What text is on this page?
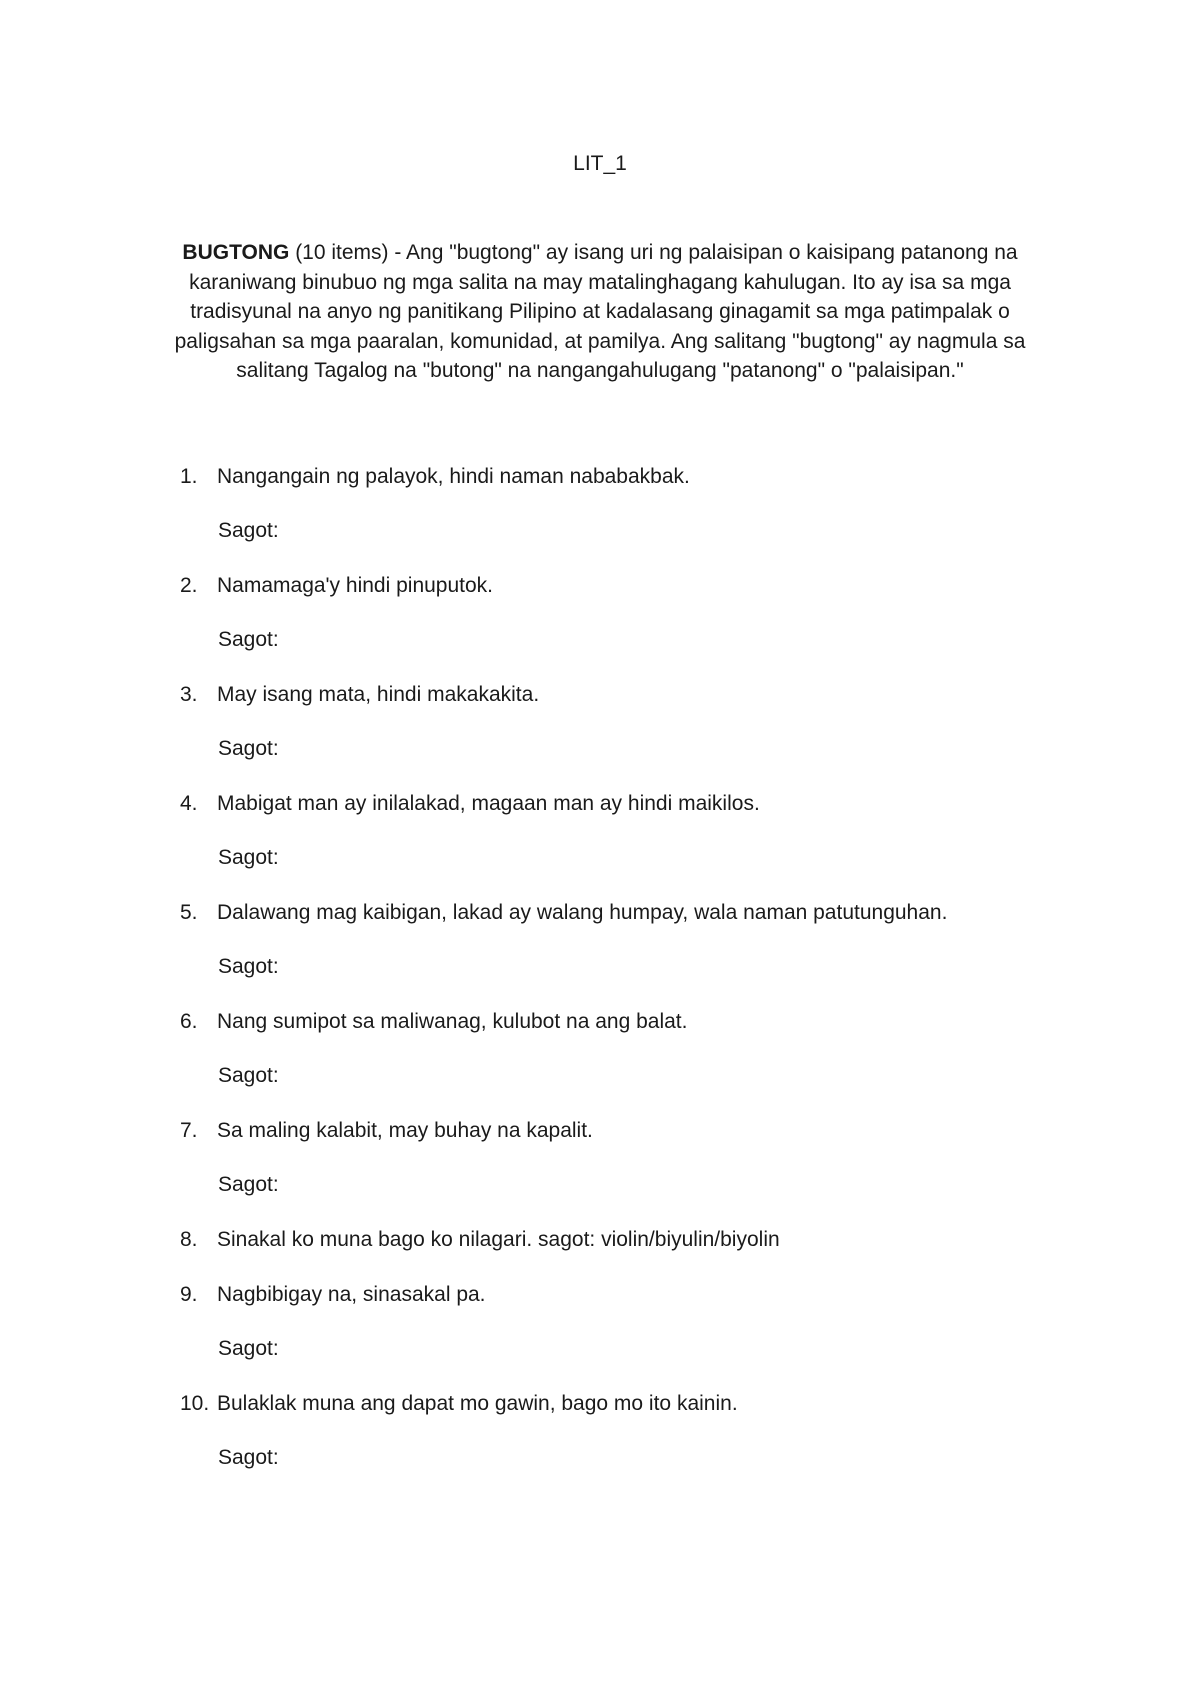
LIT_1
BUGTONG (10 items) - Ang "bugtong" ay isang uri ng palaisipan o kaisipang patanong na karaniwang binubuo ng mga salita na may matalinghagang kahulugan. Ito ay isa sa mga tradisyunal na anyo ng panitikang Pilipino at kadalasang ginagamit sa mga patimpalak o paligsahan sa mga paaralan, komunidad, at pamilya. Ang salitang "bugtong" ay nagmula sa salitang Tagalog na "butong" na nangangahulugang "patanong" o "palaisipan."
1. Nangangain ng palayok, hindi naman nababakbak.
Sagot:
2. Namamaga'y hindi pinuputok.
Sagot:
3. May isang mata, hindi makakakita.
Sagot:
4. Mabigat man ay inilalakad, magaan man ay hindi maikilos.
Sagot:
5. Dalawang mag kaibigan, lakad ay walang humpay, wala naman patutunguhan.
Sagot:
6. Nang sumipot sa maliwanag, kulubot na ang balat.
Sagot:
7. Sa maling kalabit, may buhay na kapalit.
Sagot:
8. Sinakal ko muna bago ko nilagari. sagot: violin/biyulin/biyolin
9. Nagbibigay na, sinasakal pa.
Sagot:
10. Bulaklak muna ang dapat mo gawin, bago mo ito kainin.
Sagot:
